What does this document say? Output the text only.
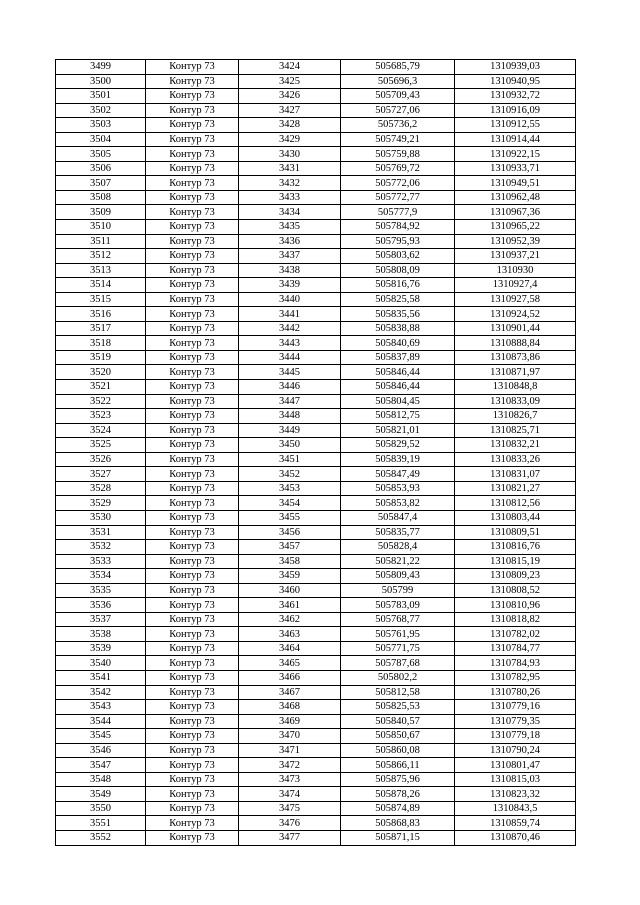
3499	Контур 73	3424	505685,79	1310939,03
3500	Контур 73	3425	505696,3	1310940,95
3501	Контур 73	3426	505709,43	1310932,72
3502	Контур 73	3427	505727,06	1310916,09
3503	Контур 73	3428	505736,2	1310912,55
3504	Контур 73	3429	505749,21	1310914,44
3505	Контур 73	3430	505759,88	1310922,15
3506	Контур 73	3431	505769,72	1310933,71
3507	Контур 73	3432	505772,06	1310949,51
3508	Контур 73	3433	505772,77	1310962,48
3509	Контур 73	3434	505777,9	1310967,36
3510	Контур 73	3435	505784,92	1310965,22
3511	Контур 73	3436	505795,93	1310952,39
3512	Контур 73	3437	505803,62	1310937,21
3513	Контур 73	3438	505808,09	1310930
3514	Контур 73	3439	505816,76	1310927,4
3515	Контур 73	3440	505825,58	1310927,58
3516	Контур 73	3441	505835,56	1310924,52
3517	Контур 73	3442	505838,88	1310901,44
3518	Контур 73	3443	505840,69	1310888,84
3519	Контур 73	3444	505837,89	1310873,86
3520	Контур 73	3445	505846,44	1310871,97
3521	Контур 73	3446	505846,44	1310848,8
3522	Контур 73	3447	505804,45	1310833,09
3523	Контур 73	3448	505812,75	1310826,7
3524	Контур 73	3449	505821,01	1310825,71
3525	Контур 73	3450	505829,52	1310832,21
3526	Контур 73	3451	505839,19	1310833,26
3527	Контур 73	3452	505847,49	1310831,07
3528	Контур 73	3453	505853,93	1310821,27
3529	Контур 73	3454	505853,82	1310812,56
3530	Контур 73	3455	505847,4	1310803,44
3531	Контур 73	3456	505835,77	1310809,51
3532	Контур 73	3457	505828,4	1310816,76
3533	Контур 73	3458	505821,22	1310815,19
3534	Контур 73	3459	505809,43	1310809,23
3535	Контур 73	3460	505799	1310808,52
3536	Контур 73	3461	505783,09	1310810,96
3537	Контур 73	3462	505768,77	1310818,82
3538	Контур 73	3463	505761,95	1310782,02
3539	Контур 73	3464	505771,75	1310784,77
3540	Контур 73	3465	505787,68	1310784,93
3541	Контур 73	3466	505802,2	1310782,95
3542	Контур 73	3467	505812,58	1310780,26
3543	Контур 73	3468	505825,53	1310779,16
3544	Контур 73	3469	505840,57	1310779,35
3545	Контур 73	3470	505850,67	1310779,18
3546	Контур 73	3471	505860,08	1310790,24
3547	Контур 73	3472	505866,11	1310801,47
3548	Контур 73	3473	505875,96	1310815,03
3549	Контур 73	3474	505878,26	1310823,32
3550	Контур 73	3475	505874,89	1310843,5
3551	Контур 73	3476	505868,83	1310859,74
3552	Контур 73	3477	505871,15	1310870,46
